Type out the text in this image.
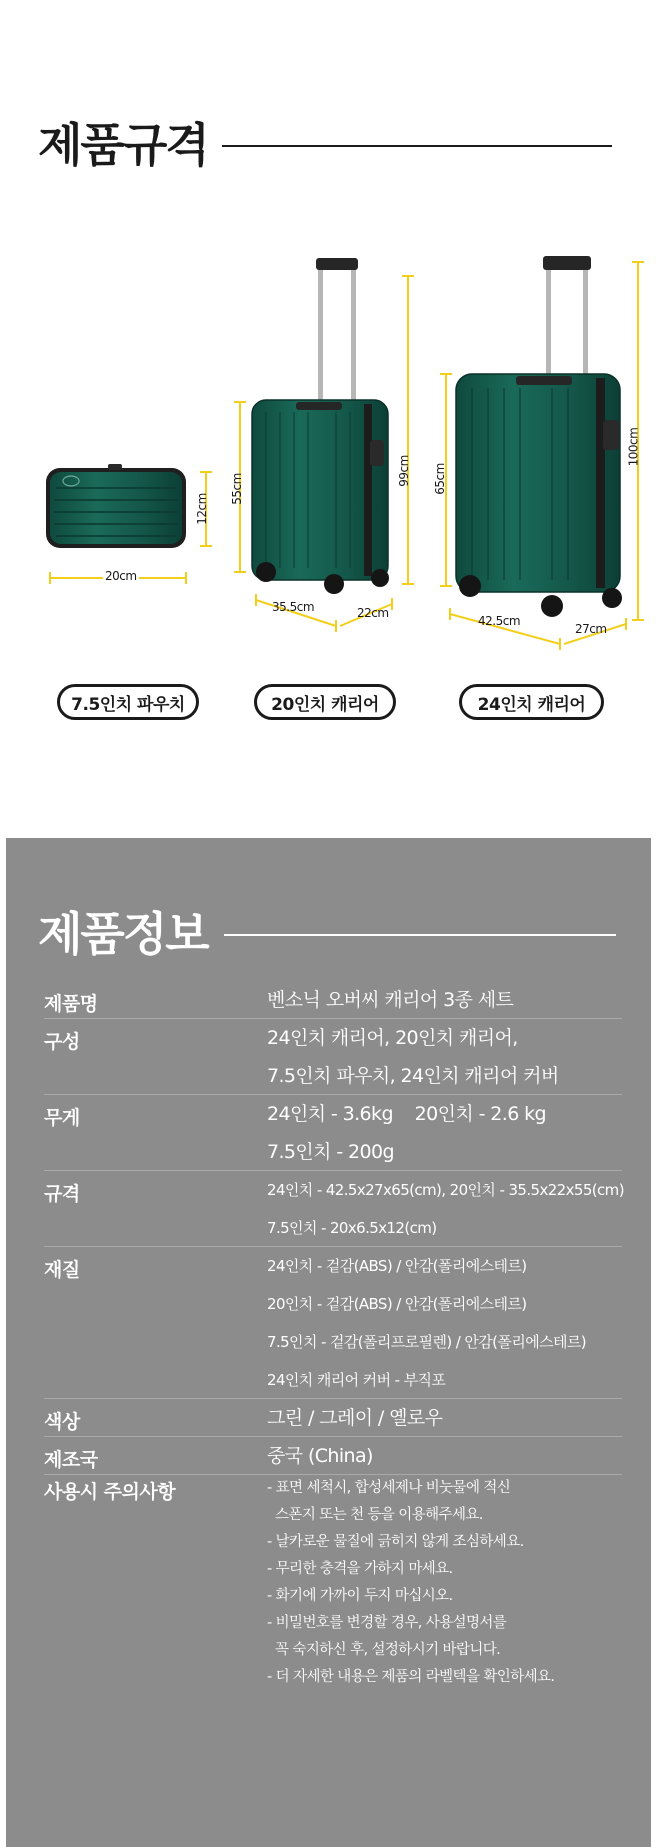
제품규격
20cm
12cm
55cm
99cm
35.5cm	22cm
65cm
100cm
42.5cm
27cm
7.5인치 파우치	20인치 캐리어	24인치 캐리어
제품정보
제품명	벤소닉 오버씨 캐리어 3종 세트
구성	24인치 캐리어, 20인치 캐리어,
7.5인치 파우치, 24인치 캐리어 커버
무게	24인치 - 3.6kg    20인치 - 2.6 kg
7.5인치 - 200g
규격	24인치 - 42.5x27x65(cm), 20인치 - 35.5x22x55(cm)
7.5인치 - 20x6.5x12(cm)
재질	24인치 - 겉감(ABS) / 안감(폴리에스테르)
20인치 - 겉감(ABS) / 안감(폴리에스테르)
7.5인치 - 겉감(폴리프로필렌) / 안감(폴리에스테르)
24인치 캐리어 커버 - 부직포
색상	그린 / 그레이 / 옐로우
제조국	중국 (China)
사용시 주의사항	- 표면 세척시, 합성세제나 비눗물에 적신
스폰지 또는 천 등을 이용해주세요.
- 날카로운 물질에 긁히지 않게 조심하세요.
- 무리한 충격을 가하지 마세요.
- 화기에 가까이 두지 마십시오.
- 비밀번호를 변경할 경우, 사용설명서를
꼭 숙지하신 후, 설정하시기 바랍니다.
- 더 자세한 내용은 제품의 라벨텍을 확인하세요.
